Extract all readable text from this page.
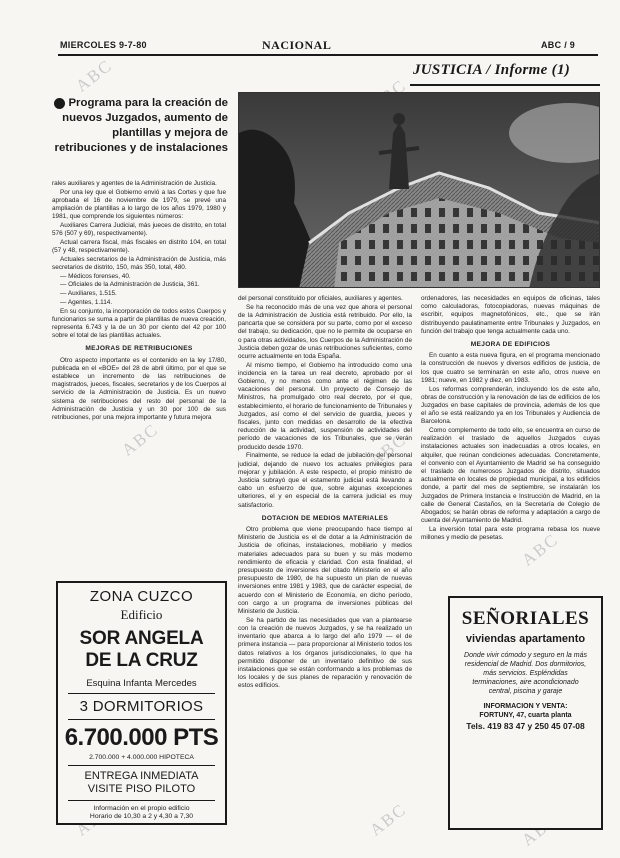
ABC
ABC	ABC
ABC
ABC
MIERCOLES 9-7-80	NACIONAL	ABC / 9
JUSTICIA / Informe (1)
Programa para la creación de nuevos Juzgados, aumento de plantillas y mejora de retribuciones y de instalaciones

rales auxiliares y agentes de la Administración de Justicia.

Por una ley que el Gobierno envió a las Cortes y que fue aprobada el 16 de noviembre de 1979, se prevé una ampliación de plantillas a lo largo de los años 1979, 1980 y 1981, que comprende los siguientes números:

Auxiliares Carrera Judicial, más jueces de distrito, en total 576 (507 y 69), respectivamente).

Actual carrera fiscal, más fiscales en distrito 104, en total (57 y 48, respectivamente).

Actuales secretarios de la Administración de Justicia, más secretarios de distrito, 150, más 350, total, 480.

— Médicos forenses, 40.

— Oficiales de la Administración de Justicia, 361.

— Auxiliares, 1.515.

— Agentes, 1.114.

En su conjunto, la incorporación de todos estos Cuerpos y funcionarios se suma a partir de plantillas de nueva creación, representa 6.743 y la de un 30 por ciento del 42 por 100 sobre el total de las plantillas actuales.

MEJORAS DE RETRIBUCIONES

Otro aspecto importante es el contenido en la ley 17/80, publicada en el «BOE» del 28 de abril último, por el que se establece un incremento de las retribuciones de magistrados, jueces, fiscales, secretarios y de los Cuerpos al servicio de la Administración de Justicia. Es un nuevo sistema de retribuciones del resto del personal de la Administración de Justicia y un 30 por 100 de sus retribuciones, por una mejora importante y futura mejora

del personal constituido por oficiales, auxiliares y agentes.

Se ha reconocido más de una vez que ahora el personal de la Administración de Justicia está retribuido. Por ello, la pancarta que se considera por su parte, como por el exceso del trabajo, su dedicación, que no le permite de ocuparse en o para otras actividades, los Cuerpos de la Administración de Justicia deben gozar de unas retribuciones suficientes, como ocurre actualmente en toda España.

Al mismo tiempo, el Gobierno ha introducido como una incidencia en la tarea un real decreto, aprobado por el Gobierno, y no menos como ante el régimen de las vacaciones del personal. Un proyecto de Consejo de Ministros, ha promulgado otro real decreto, por el que, establecimiento, el horario de funcionamiento de Tribunales y Juzgados, así como el del servicio de guardia, jueces y fiscales, junto con medidas en desarrollo de la efectiva reducción de la actividad, suspensión de actividades del período de vacaciones de los Tribunales, que se verán producido desde 1970.

Finalmente, se reduce la edad de jubilación del personal judicial, dejando de nuevo los actuales privilegios para mejorar y jubilación. A este respecto, el propio ministro de Justicia subrayó que el estamento judicial está llevando a cabo un esfuerzo de que, sobre algunas excepciones ulteriores, el y en especial de la carrera judicial es muy satisfactorio.

DOTACION DE MEDIOS MATERIALES

Otro problema que viene preocupando hace tiempo al Ministerio de Justicia es el de dotar a la Administración de Justicia de oficinas, instalaciones, mobiliario y medios materiales adecuados para su buen y su más moderno rendimiento de eficacia y claridad. Con esta finalidad, el presupuesto de inversiones del citado Ministerio en el año presupuesto de 1980, de ha supuesto un plan de nuevas inversiones entre 1981 y 1983, que de carácter especial, de acuerdo con el Ministerio de Economía, en dicho período, con cargo a un programa de inversiones públicas del Ministerio de Justicia.

Se ha partido de las necesidades que van a plantearse con la creación de nuevos Juzgados, y se ha realizado un inventario que abarca a lo largo del año 1979 — el de primera instancia — para proporcionar al Ministerio todos los datos relativos a los órganos jurisdiccionales, lo que ha permitido disponer de un inventario definitivo de sus instalaciones que se están conformando a los problemas de los locales y de sus planes de reparación y renovación de estos edificios.

ordenadores, las necesidades en equipos de oficinas, tales como calculadoras, fotocopiadoras, nuevas máquinas de escribir, equipos magnetofónicos, etc., que se irán distribuyendo paulatinamente entre Tribunales y Juzgados, en función del trabajo que tenga actualmente cada uno.

MEJORA DE EDIFICIOS

En cuanto a esta nueva figura, en el programa mencionado la construcción de nuevos y diversos edificios de justicia, de los que cuatro se terminarán en este año, otros nueve en 1981; nueve, en 1982 y diez, en 1983.

Los reformas comprenderán, incluyendo los de este año, obras de construcción y la renovación de las de edificios de los Juzgados en base capitales de provincia, además de los que el año se está realizando ya en los Tribunales y Audiencia de Barcelona.

Como complemento de todo ello, se encuentra en curso de realización el traslado de aquellos Juzgados cuyas instalaciones actuales son inadecuadas a otros locales, en alquiler, que reúnan condiciones adecuadas. Concretamente, el convenio con el Ayuntamiento de Madrid se ha conseguido el traslado de numerosos Juzgados de distrito, situados actualmente en locales de propiedad municipal, a los edificios donde, a partir del mes de septiembre, se instalarán los Juzgados de Primera Instancia e Instrucción de Madrid, en la calle de General Castaños, en la Secretaría de Colegio de Abogados; se harán obras de reforma y adaptación a cargo de cuenta del Ayuntamiento de Madrid.

La inversión total para este programa rebasa los nueve millones y medio de pesetas.

ZONA CUZCO
Edificio
SOR ANGELA
DE LA CRUZ
Esquina Infanta Mercedes
3 DORMITORIOS
6.700.000 PTS
2.700.000 + 4.000.000 HIPOTECA
ENTREGA INMEDIATA
VISITE PISO PILOTO
Información en el propio edificio
Horario de 10,30 a 2 y 4,30 a 7,30
SEÑORIALES
viviendas apartamento
Donde vivir cómodo y seguro en la más residencial de Madrid. Dos dormitorios, más servicios. Espléndidas terminaciones, aire acondicionado central, piscina y garaje
INFORMACION Y VENTA:
FORTUNY, 47, cuarta planta
Tels. 419 83 47 y 250 45 07-08
